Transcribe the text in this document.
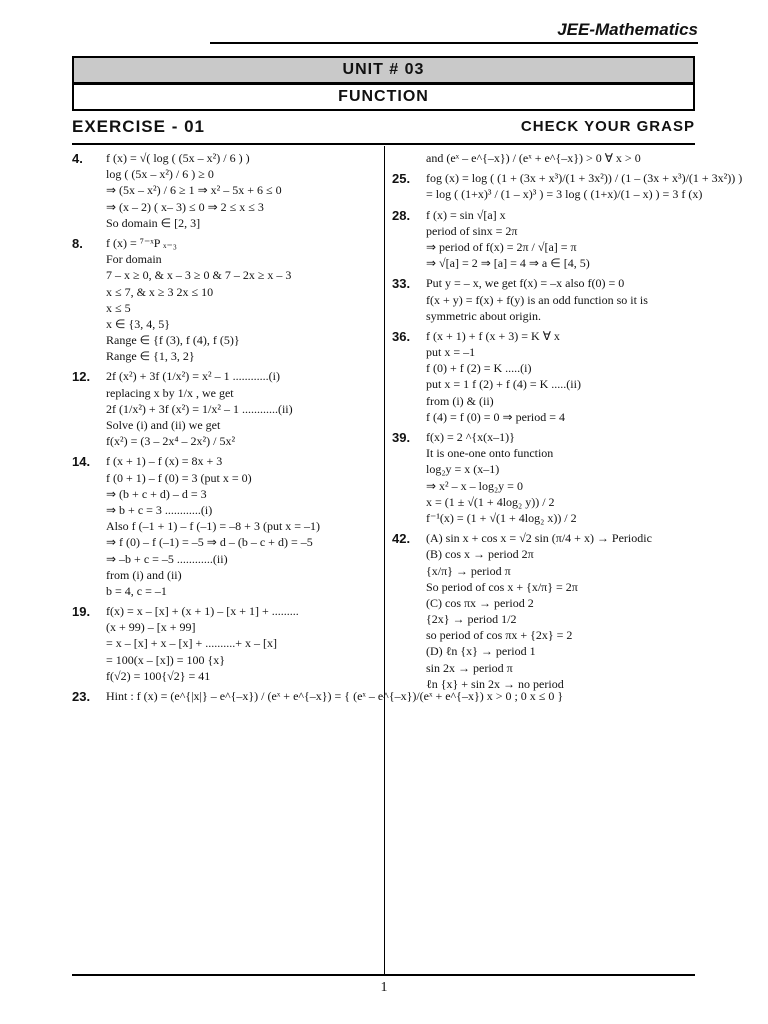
JEE-Mathematics
UNIT # 03
FUNCTION
EXERCISE - 01	CHECK YOUR GRASP
4. f (x) = √( log ( (5x – x²) / 6 ) )
log ( (5x – x²) / 6 ) ≥ 0
⇒ (5x – x²) / 6 ≥ 1 ⇒ x² – 5x + 6 ≤ 0
⇒ (x – 2) ( x– 3) ≤ 0 ⇒ 2 ≤ x ≤ 3
So domain ∈ [2, 3]
8. f (x) = ⁷⁻ˣP ₓ₋₃
For domain
7 – x ≥ 0, & x – 3 ≥ 0 & 7 – 2x ≥ x – 3
x ≤ 7, & x ≥ 3 2x ≤ 10
x ≤ 5
x ∈ {3, 4, 5}
Range ∈ {f (3), f (4), f (5)}
Range ∈ {1, 3, 2}
12. 2f (x²) + 3f (1/x²) = x² – 1 ............(i)
replacing x by 1/x , we get
2f (1/x²) + 3f (x²) = 1/x² – 1 ............(ii)
Solve (i) and (ii) we get
f(x²) = (3 – 2x⁴ – 2x²) / 5x²
14. f (x + 1) – f (x) = 8x + 3
f (0 + 1) – f (0) = 3 (put x = 0)
⇒ (b + c + d) – d = 3
⇒ b + c = 3 ............(i)
Also f (–1 + 1) – f (–1) = –8 + 3 (put x = –1)
⇒ f (0) – f (–1) = –5 ⇒ d – (b – c + d) = –5
⇒ –b + c = –5 ............(ii)
from (i) and (ii)
b = 4, c = –1
19. f(x) = x – [x] + (x + 1) – [x + 1] + .........
(x + 99) – [x + 99]
= x – [x] + x – [x] + ..........+ x – [x]
= 100(x – [x]) = 100 {x}
f(√2) = 100{√2} = 41
23. Hint : f (x) = (e^{|x|} – e^{–x}) / (eˣ + e^{–x}) = { (eˣ – e^{–x})/(eˣ + e^{–x}) x > 0 ; 0 x ≤ 0 }
and (eˣ – e^{–x}) / (eˣ + e^{–x}) > 0 ∀ x > 0
25. fog (x) = log ( (1 + (3x + x³)/(1 + 3x²)) / (1 – (3x + x³)/(1 + 3x²)) )
= log ( (1+x)³ / (1 – x)³ ) = 3 log ( (1+x)/(1 – x) ) = 3 f (x)
28. f (x) = sin √[a] x
period of sinx = 2π
⇒ period of f(x) = 2π / √[a] = π
⇒ √[a] = 2 ⇒ [a] = 4 ⇒ a ∈ [4, 5)
33. Put y = – x, we get f(x) = –x also f(0) = 0
f(x + y) = f(x) + f(y) is an odd function so it is
symmetric about origin.
36. f (x + 1) + f (x + 3) = K ∀ x
put x = –1
f (0) + f (2) = K .....(i)
put x = 1 f (2) + f (4) = K .....(ii)
from (i) & (ii)
f (4) = f (0) = 0 ⇒ period = 4
39. f(x) = 2 ^{x(x–1)}
It is one-one onto function
log₂y = x (x–1)
⇒ x² – x – log₂y = 0
x = (1 ± √(1 + 4log₂ y)) / 2
f⁻¹(x) = (1 + √(1 + 4log₂ x)) / 2
42. (A) sin x + cos x = √2 sin (π/4 + x) → Periodic
(B) cos x → period 2π
{x/π} → period π
So period of cos x + {x/π} = 2π
(C) cos πx → period 2
{2x} → period 1/2
so period of cos πx + {2x} = 2
(D) ℓn {x} → period 1
sin 2x → period π
ℓn {x} + sin 2x → no period
1
